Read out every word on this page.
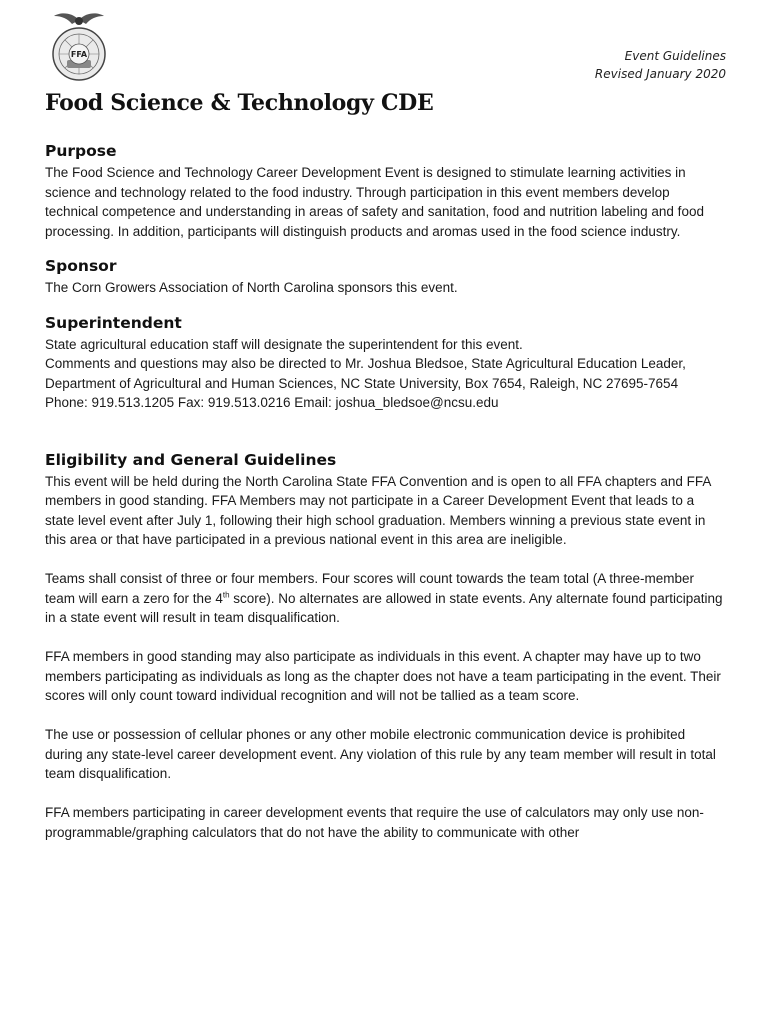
FFA	Event Guidelines
Revised January 2020
Food Science & Technology CDE
Purpose

The Food Science and Technology Career Development Event is designed to stimulate learning activities in science and technology related to the food industry. Through participation in this event members develop technical competence and understanding in areas of safety and sanitation, food and nutrition labeling and food processing. In addition, participants will distinguish products and aromas used in the food science industry.

Sponsor

The Corn Growers Association of North Carolina sponsors this event.

Superintendent

State agricultural education staff will designate the superintendent for this event.

Comments and questions may also be directed to Mr. Joshua Bledsoe, State Agricultural Education Leader, Department of Agricultural and Human Sciences, NC State University, Box 7654, Raleigh, NC 27695-7654

Phone: 919.513.1205 Fax: 919.513.0216 Email: joshua_bledsoe@ncsu.edu

Eligibility and General Guidelines

This event will be held during the North Carolina State FFA Convention and is open to all FFA chapters and FFA members in good standing. FFA Members may not participate in a Career Development Event that leads to a state level event after July 1, following their high school graduation. Members winning a previous state event in this area or that have participated in a previous national event in this area are ineligible.

Teams shall consist of three or four members. Four scores will count towards the team total (A three-member team will earn a zero for the 4th score). No alternates are allowed in state events. Any alternate found participating in a state event will result in team disqualification.

FFA members in good standing may also participate as individuals in this event. A chapter may have up to two members participating as individuals as long as the chapter does not have a team participating in the event. Their scores will only count toward individual recognition and will not be tallied as a team score.

The use or possession of cellular phones or any other mobile electronic communication device is prohibited during any state-level career development event. Any violation of this rule by any team member will result in total team disqualification.

FFA members participating in career development events that require the use of calculators may only use non-programmable/graphing calculators that do not have the ability to communicate with other
